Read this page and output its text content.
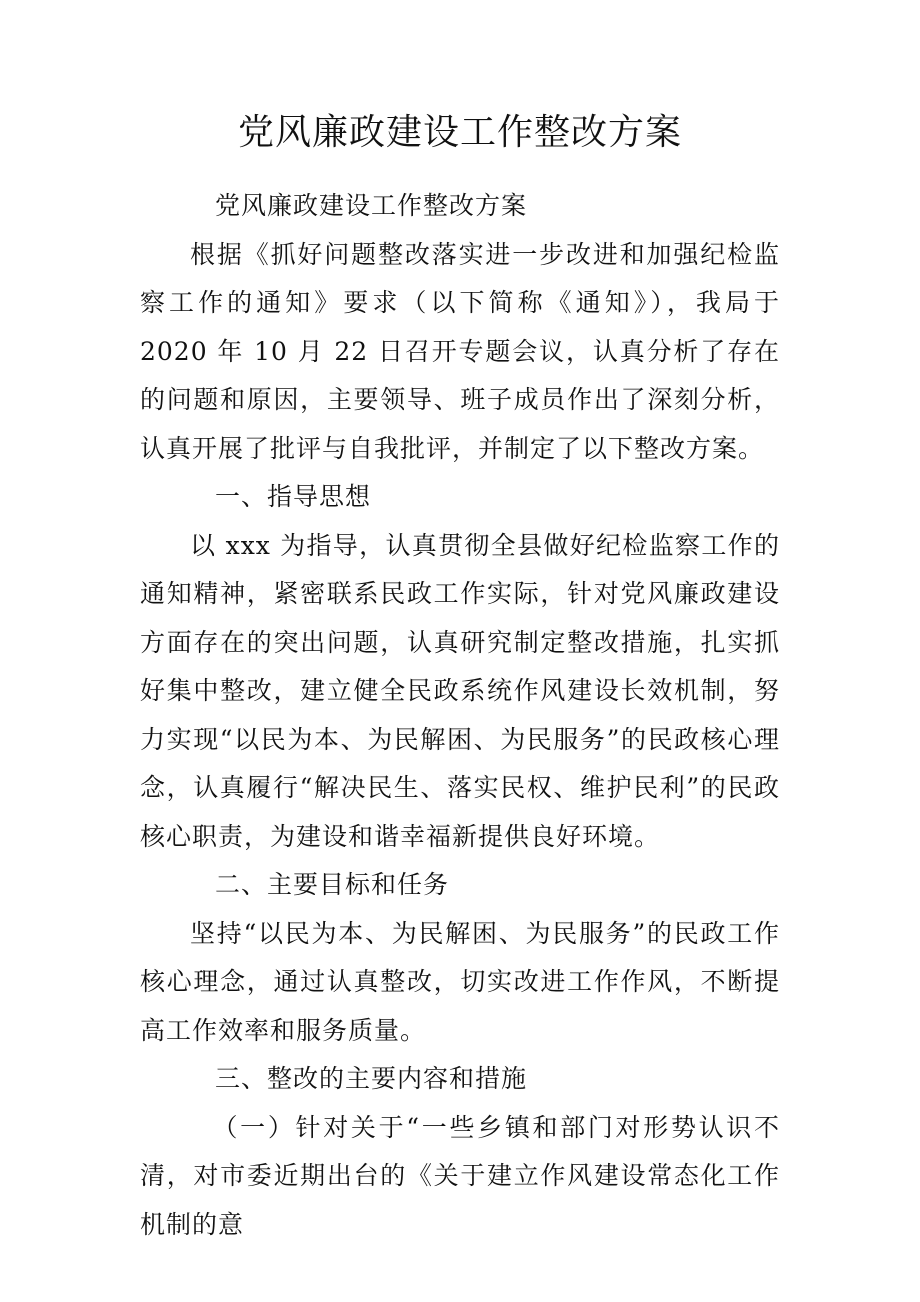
党风廉政建设工作整改方案

党风廉政建设工作整改方案

根据《抓好问题整改落实进一步改进和加强纪检监察工作的通知》要求（以下简称《通知》），我局于 2020 年 10 月 22 日召开专题会议，认真分析了存在的问题和原因，主要领导、班子成员作出了深刻分析，认真开展了批评与自我批评，并制定了以下整改方案。

一、指导思想

以 xxx 为指导，认真贯彻全县做好纪检监察工作的通知精神，紧密联系民政工作实际，针对党风廉政建设方面存在的突出问题，认真研究制定整改措施，扎实抓好集中整改，建立健全民政系统作风建设长效机制，努力实现“以民为本、为民解困、为民服务”的民政核心理念，认真履行“解决民生、落实民权、维护民利”的民政核心职责，为建设和谐幸福新提供良好环境。

二、主要目标和任务

坚持“以民为本、为民解困、为民服务”的民政工作核心理念，通过认真整改，切实改进工作作风，不断提高工作效率和服务质量。

三、整改的主要内容和措施

（一）针对关于“一些乡镇和部门对形势认识不清，对市委近期出台的《关于建立作风建设常态化工作机制的意
